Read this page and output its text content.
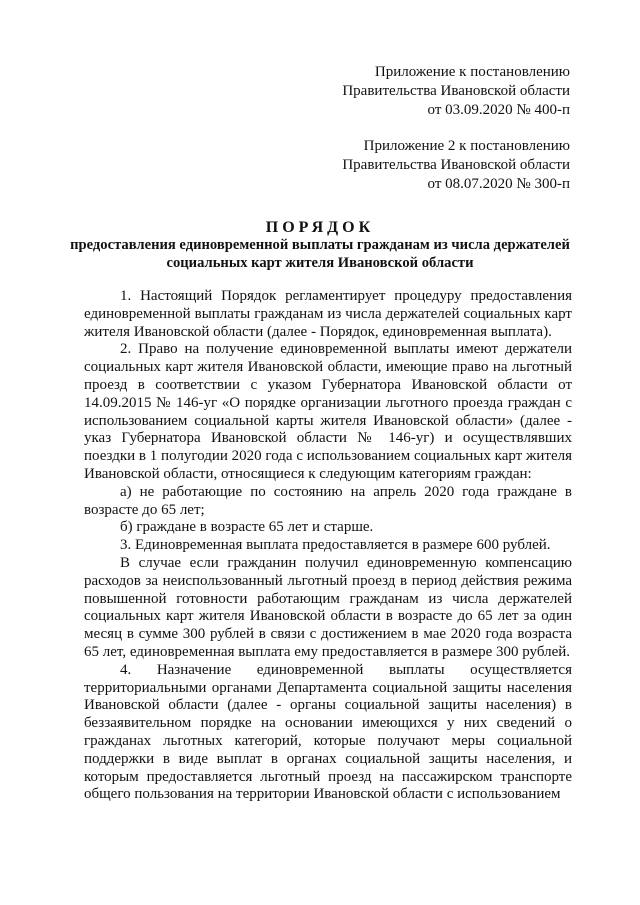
Приложение к постановлению
Правительства Ивановской области
от 03.09.2020 № 400-п
Приложение 2 к постановлению
Правительства Ивановской области
от 08.07.2020 № 300-п
ПОРЯДОК
предоставления единовременной выплаты гражданам из числа держателей социальных карт жителя Ивановской области

1. Настоящий Порядок регламентирует процедуру предоставления единовременной выплаты гражданам из числа держателей социальных карт жителя Ивановской области (далее - Порядок, единовременная выплата).

2. Право на получение единовременной выплаты имеют держатели социальных карт жителя Ивановской области, имеющие право на льготный проезд в соответствии с указом Губернатора Ивановской области от 14.09.2015 № 146-уг «О порядке организации льготного проезда граждан с использованием социальной карты жителя Ивановской области» (далее - указ Губернатора Ивановской области № 146-уг) и осуществлявших поездки в 1 полугодии 2020 года с использованием социальных карт жителя Ивановской области, относящиеся к следующим категориям граждан:

а) не работающие по состоянию на апрель 2020 года граждане в возрасте до 65 лет;

б) граждане в возрасте 65 лет и старше.

3. Единовременная выплата предоставляется в размере 600 рублей.

В случае если гражданин получил единовременную компенсацию расходов за неиспользованный льготный проезд в период действия режима повышенной готовности работающим гражданам из числа держателей социальных карт жителя Ивановской области в возрасте до 65 лет за один месяц в сумме 300 рублей в связи с достижением в мае 2020 года возраста 65 лет, единовременная выплата ему предоставляется в размере 300 рублей.

4. Назначение единовременной выплаты осуществляется территориальными органами Департамента социальной защиты населения Ивановской области (далее - органы социальной защиты населения) в беззаявительном порядке на основании имеющихся у них сведений о гражданах льготных категорий, которые получают меры социальной поддержки в виде выплат в органах социальной защиты населения, и которым предоставляется льготный проезд на пассажирском транспорте общего пользования на территории Ивановской области с использованием
